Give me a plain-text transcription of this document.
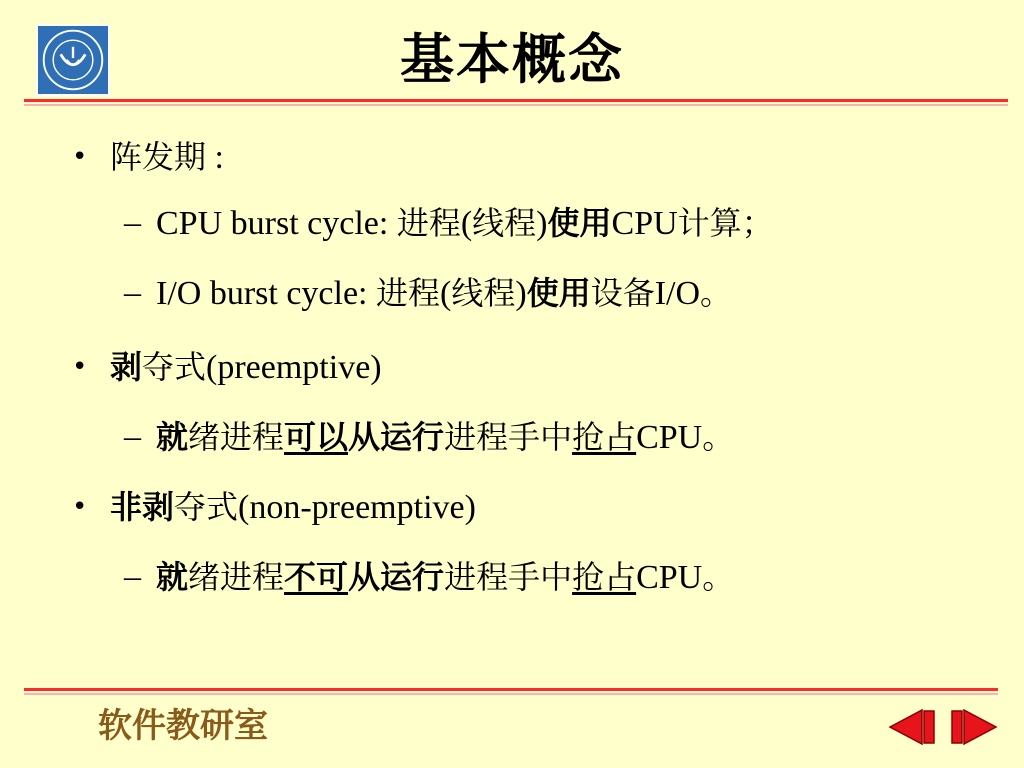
基本概念
• 阵发期 :
– CPU burst cycle: 进程(线程)使用CPU计算；
– I/O burst cycle: 进程(线程)使用设备I/O。
• 剥夺式(preemptive)
– 就绪进程可以从运行进程手中抢占CPU。
• 非剥夺式(non-preemptive)
– 就绪进程不可从运行进程手中抢占CPU。
软件教研室
